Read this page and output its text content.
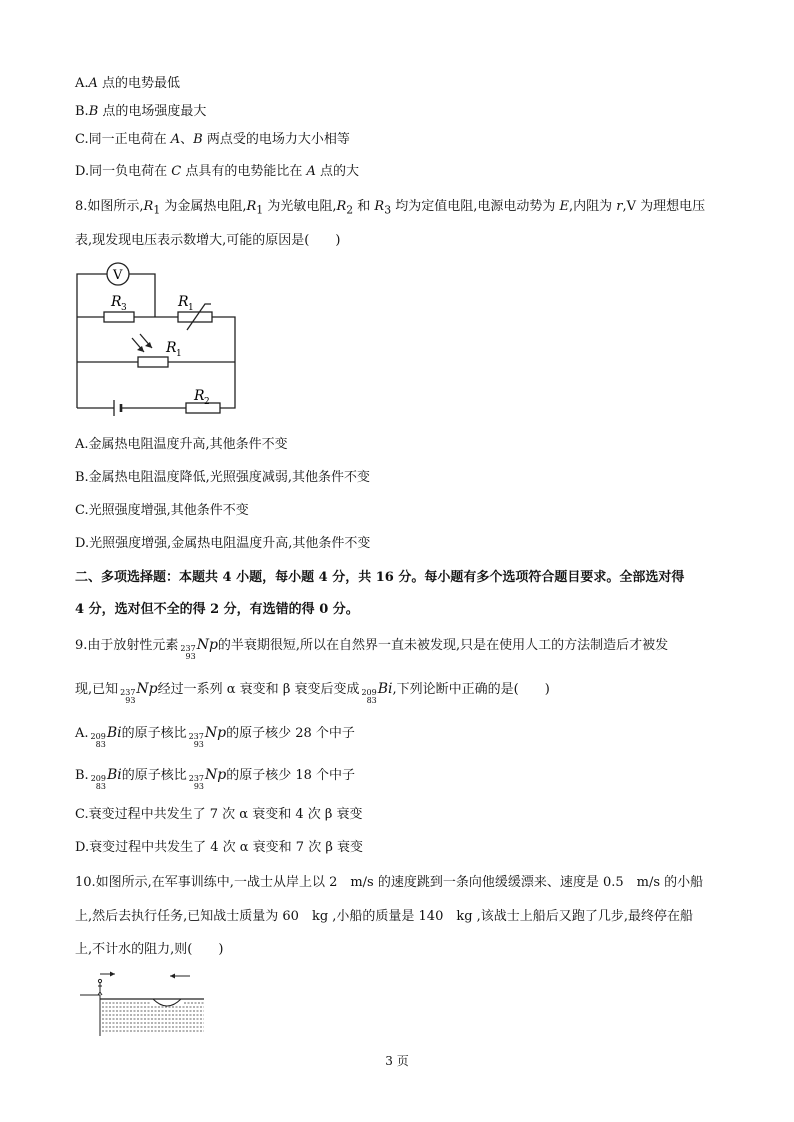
A.A 点的电势最低
B.B 点的电场强度最大
C.同一正电荷在 A、B 两点受的电场力大小相等
D.同一负电荷在 C 点具有的电势能比在 A 点的大
8.如图所示$,R_1$ 为金属热电阻$,R_1$ 为光敏电阻$,R_2$ 和 $R_3$ 均为定值电阻,电源电动势为 E,内阻为 r,V 为理想电压
表,现发现电压表示数增大,可能的原因是(　　)
V
R 3	R 1
R 1
R 2
A.金属热电阻温度升高,其他条件不变
B.金属热电阻温度降低,光照强度减弱,其他条件不变
C.光照强度增强,其他条件不变
D.光照强度增强,金属热电阻温度升高,其他条件不变
二、多项选择题：本题共 4 小题，每小题 4 分，共 16 分。每小题有多个选项符合题目要求。全部选对得
4 分，选对但不全的得 2 分，有选错的得 0 分。
9.由于放射性元素 237
93
Np的半衰期很短,所以在自然界一直未被发现,只是在使用人工的方法制造后才被发
现,已知 237
93
Np经过一系列 α 衰变和 β 衰变后变成 209
83
Bi,下列论断中正确的是(　　)
A. 209
83
Bi的原子核比 237
93
Np的原子核少 28 个中子
B. 209
83
Bi的原子核比 237
93
Np的原子核少 18 个中子
C.衰变过程中共发生了 7 次 α 衰变和 4 次 β 衰变
D.衰变过程中共发生了 4 次 α 衰变和 7 次 β 衰变
10.如图所示,在军事训练中,一战士从岸上以 2　m/s 的速度跳到一条向他缓缓漂来、速度是 0.5　m/s 的小船
上,然后去执行任务,已知战士质量为 60　kg ,小船的质量是 140　kg ,该战士上船后又跑了几步,最终停在船
上,不计水的阻力,则(　　)
3 页
